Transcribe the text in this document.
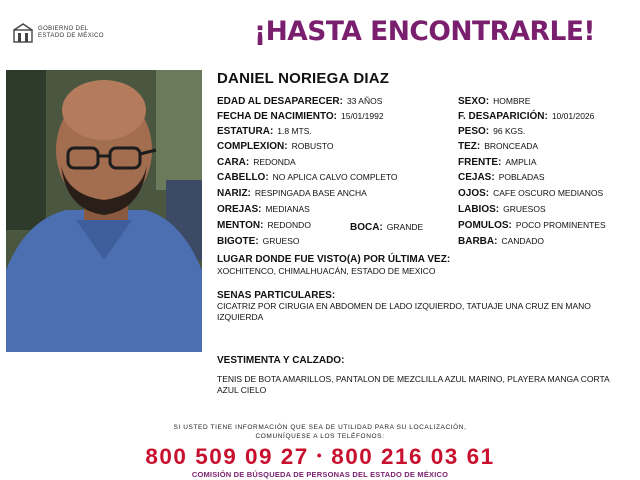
GOBIERNO DEL
ESTADO DE MÉXICO	¡HASTA ENCONTRARLE!
DANIEL NORIEGA DIAZ
EDAD AL DESAPARECER: 33 AÑOS
FECHA DE NACIMIENTO: 15/01/1992
ESTATURA: 1.8 MTS.
COMPLEXION: ROBUSTO
CARA: REDONDA
CABELLO: NO APLICA CALVO COMPLETO
NARIZ: RESPINGADA BASE ANCHA
OREJAS: MEDIANAS
MENTON: REDONDO	BOCA: GRANDE
BIGOTE: GRUESO
SEXO: HOMBRE
F. DESAPARICIÓN: 10/01/2026
PESO: 96 KGS.
TEZ: BRONCEADA
FRENTE: AMPLIA
CEJAS: POBLADAS
OJOS: CAFE OSCURO MEDIANOS
LABIOS: GRUESOS
POMULOS: POCO PROMINENTES
BARBA: CANDADO
LUGAR DONDE FUE VISTO(A) POR ÚLTIMA VEZ:
XOCHITENCO, CHIMALHUACÁN, ESTADO DE MEXICO
SENAS PARTICULARES:
CICATRIZ POR CIRUGIA EN ABDOMEN DE LADO IZQUIERDO, TATUAJE UNA CRUZ EN MANO IZQUIERDA
VESTIMENTA Y CALZADO:
TENIS DE BOTA AMARILLOS, PANTALON DE MEZCLILLA AZUL MARINO, PLAYERA MANGA CORTA AZUL CIELO
SI USTED TIENE INFORMACIÓN QUE SEA DE UTILIDAD PARA SU LOCALIZACIÓN,
COMUNÍQUESE A LOS TELÉFONOS:
800 509 09 27 • 800 216 03 61
COMISIÓN DE BÚSQUEDA DE PERSONAS DEL ESTADO DE MÉXICO
